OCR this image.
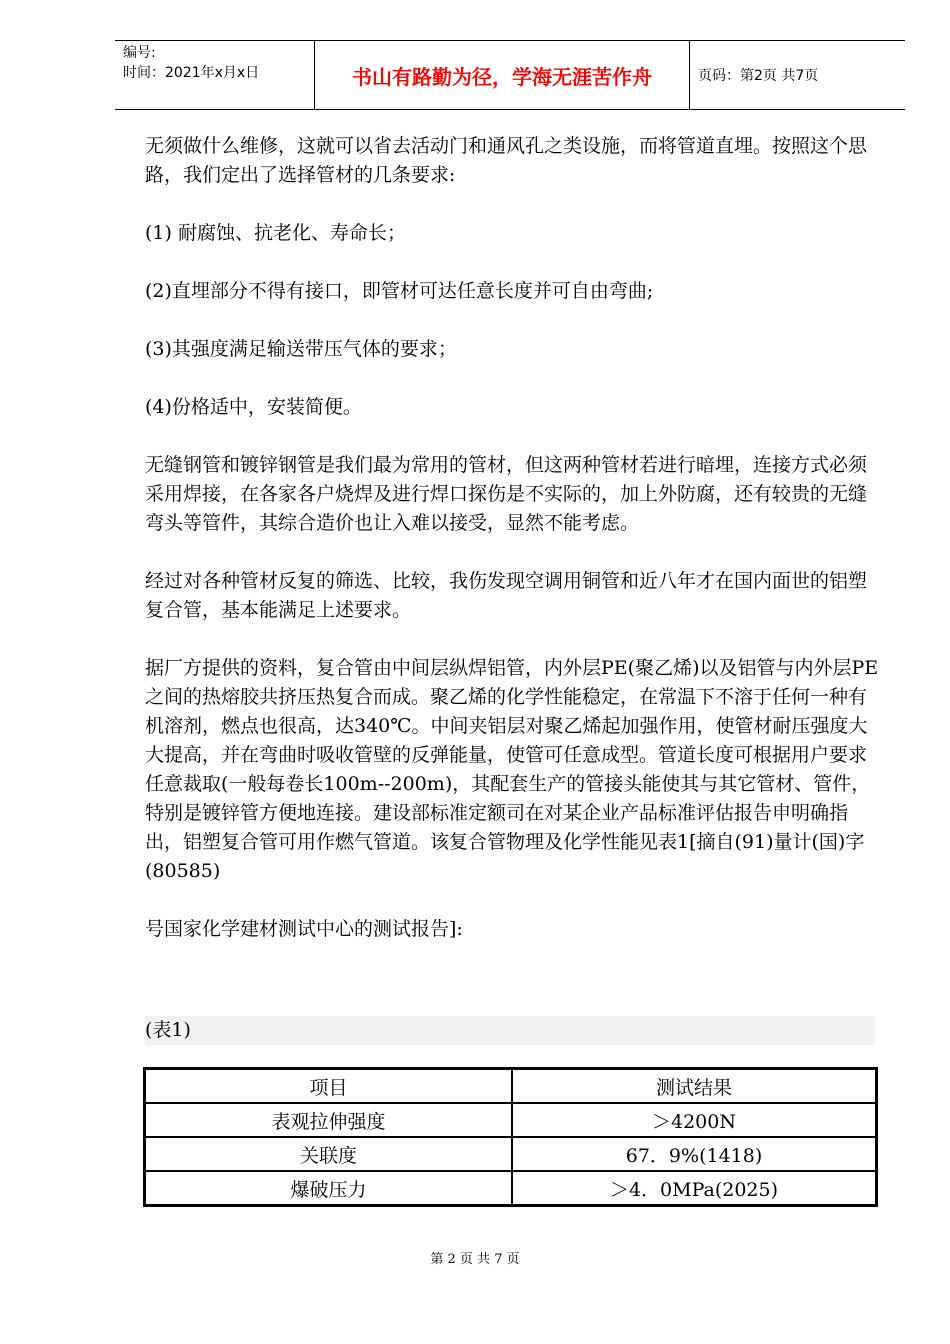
编号:
时间：2021年x月x日	书山有路勤为径，学海无涯苦作舟	页码：第2页 共7页

无须做什么维修，这就可以省去活动门和通风孔之类设施，而将管道直埋。按照这个思路，我们定出了选择管材的几条要求:

(1) 耐腐蚀、抗老化、寿命长；

(2)直埋部分不得有接口，即管材可达任意长度并可自由弯曲;

(3)其强度满足输送带压气体的要求；

(4)份格适中，安装简便。

无缝钢管和镀锌钢管是我们最为常用的管材，但这两种管材若进行暗埋，连接方式必须采用焊接，在各家各户烧焊及进行焊口探伤是不实际的，加上外防腐，还有较贵的无缝弯头等管件，其综合造价也让入难以接受，显然不能考虑。

经过对各种管材反复的筛选、比较，我伤发现空调用铜管和近八年才在国内面世的铝塑复合管，基本能满足上述要求。

据厂方提供的资料，复合管由中间层纵焊铝管，内外层PE(聚乙烯)以及铝管与内外层PE之间的热熔胶共挤压热复合而成。聚乙烯的化学性能稳定，在常温下不溶于任何一种有机溶剂，燃点也很高，达340℃。中间夹铝层对聚乙烯起加强作用，使管材耐压强度大大提高，并在弯曲时吸收管壁的反弹能量，使管可任意成型。管道长度可根据用户要求任意裁取(一般每卷长100m--200m)，其配套生产的管接头能使其与其它管材、管件，特别是镀锌管方便地连接。建设部标准定额司在对某企业产品标准评估报告申明确指出，铝塑复合管可用作燃气管道。该复合管物理及化学性能见表1[摘自(91)量计(国)字(80585)

号国家化学建材测试中心的测试报告]:

(表1)
项目	测试结果
表观拉伸强度	＞4200N
关联度	67．9%(1418)
爆破压力	＞4．0MPa(2025)
第 2 页 共 7 页
